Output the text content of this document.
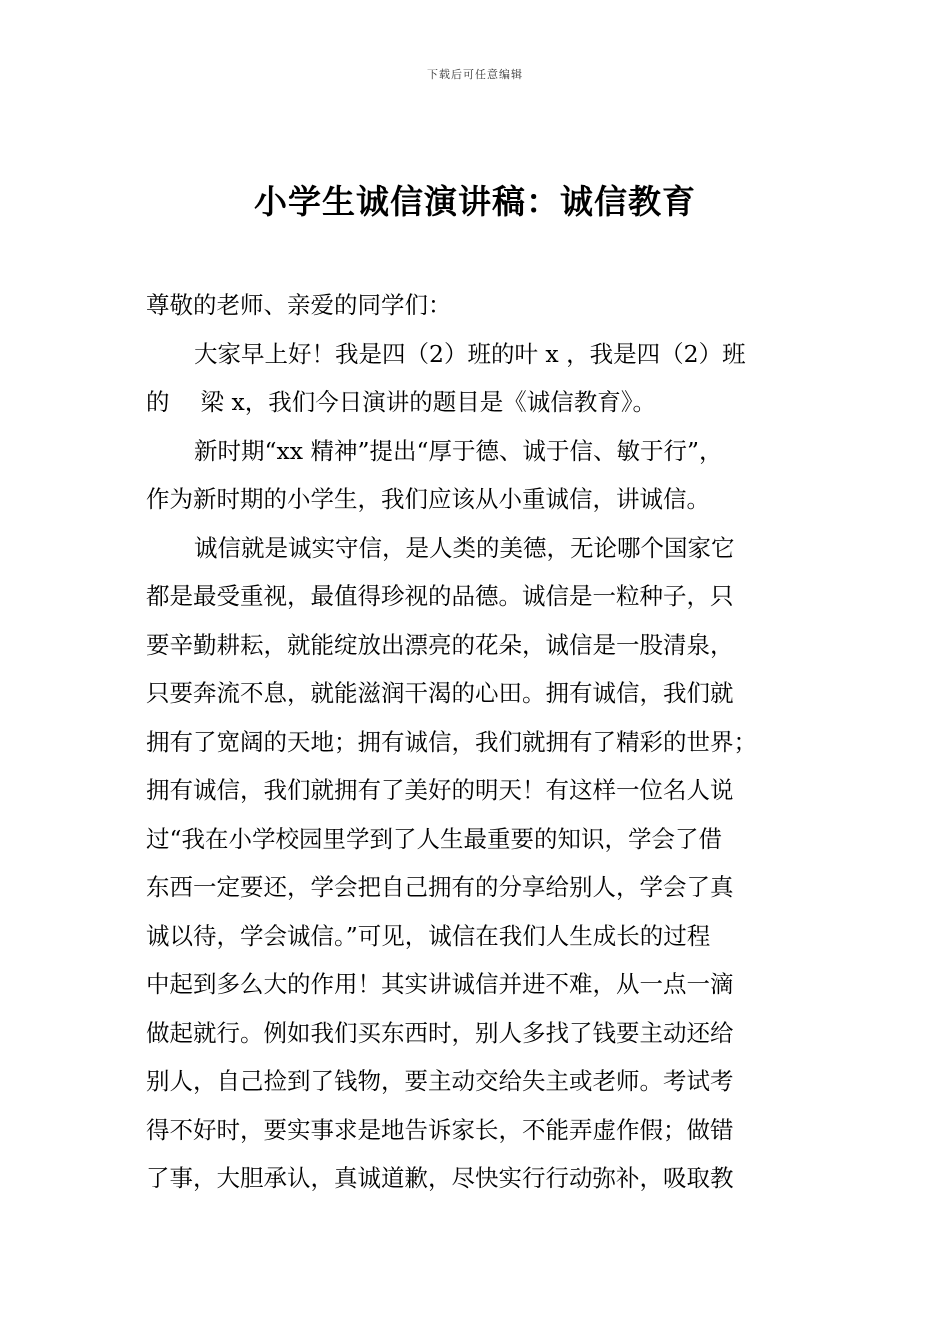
下载后可任意编辑
小学生诚信演讲稿：诚信教育
尊敬的老师、亲爱的同学们：
大家早上好！我是四（2）班的叶 x ，我是四（2）班
的　 梁 x，我们今日演讲的题目是《诚信教育》。
新时期“xx 精神”提出“厚于德、诚于信、敏于行”，
作为新时期的小学生，我们应该从小重诚信，讲诚信。
诚信就是诚实守信，是人类的美德，无论哪个国家它
都是最受重视，最值得珍视的品德。诚信是一粒种子，只
要辛勤耕耘，就能绽放出漂亮的花朵，诚信是一股清泉，
只要奔流不息，就能滋润干渴的心田。拥有诚信，我们就
拥有了宽阔的天地；拥有诚信，我们就拥有了精彩的世界；
拥有诚信，我们就拥有了美好的明天！有这样一位名人说
过“我在小学校园里学到了人生最重要的知识，学会了借
东西一定要还，学会把自己拥有的分享给别人，学会了真
诚以待，学会诚信。”可见，诚信在我们人生成长的过程
中起到多么大的作用！其实讲诚信并进不难，从一点一滴
做起就行。例如我们买东西时，别人多找了钱要主动还给
别人，自己捡到了钱物，要主动交给失主或老师。考试考
得不好时，要实事求是地告诉家长，不能弄虚作假；做错
了事，大胆承认，真诚道歉，尽快实行行动弥补，吸取教
